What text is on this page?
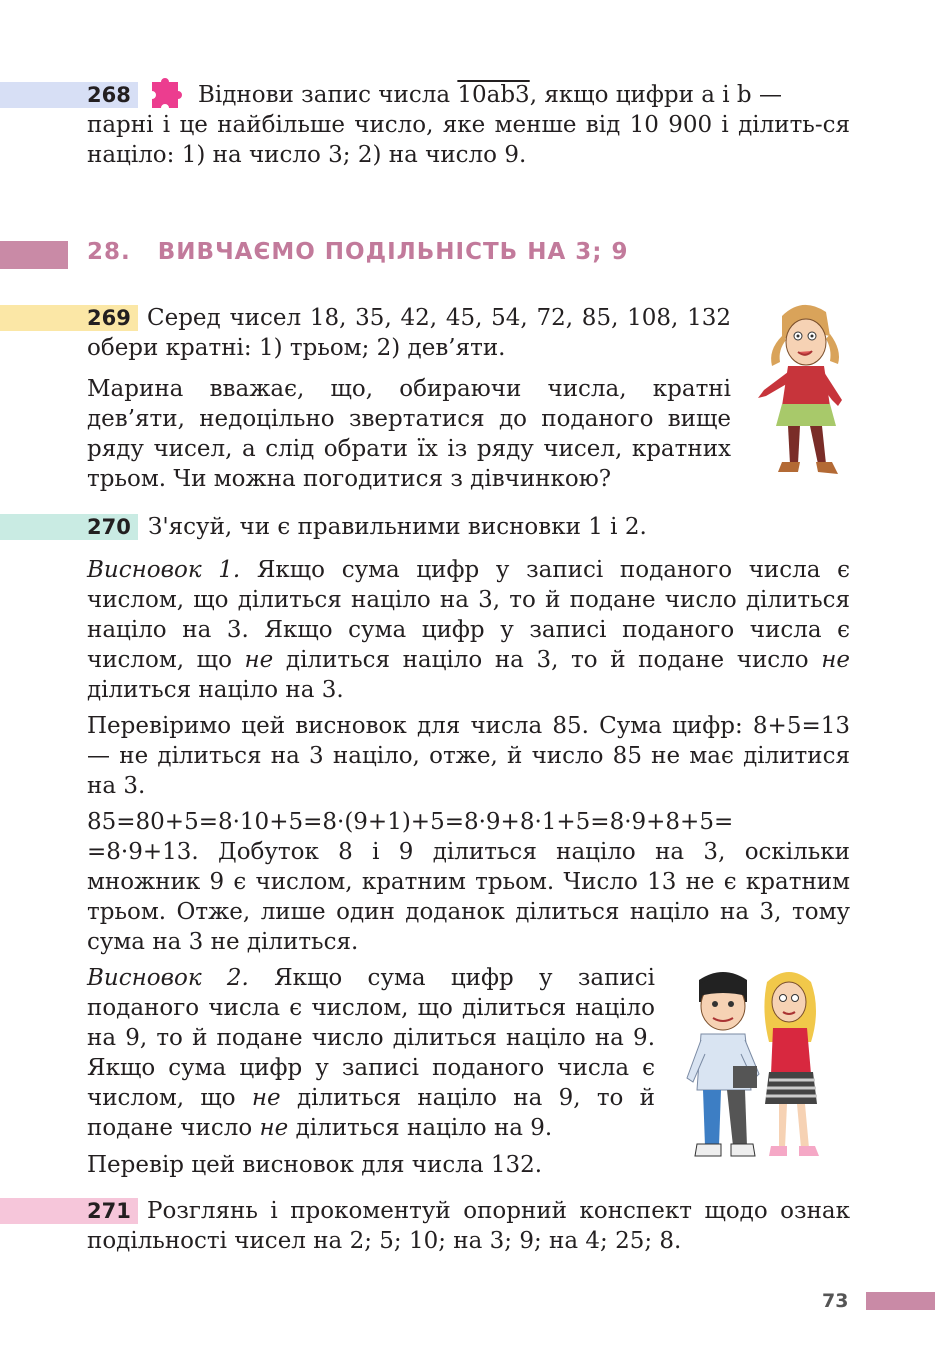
268	Віднови запис числа 10ab3, якщо цифри a і b —

парні і це найбільше число, яке менше від 10 900 і ділить-ся націло: 1) на число 3; 2) на число 9.

28. ВИВЧАЄМО ПОДІЛЬНІСТЬ НА 3; 9
269 Серед чисел 18, 35, 42, 45, 54, 72, 85, 108, 132 обери кратні: 1) трьом; 2) дев’яти.

Марина вважає, що, обираючи числа, кратні дев’яти, недоцільно звертатися до поданого вище ряду чисел, а слід обрати їх із ряду чисел, кратних трьом. Чи можна погодитися з дівчинкою?

270 З'ясуй, чи є правильними висновки 1 і 2.

Висновок 1. Якщо сума цифр у записі поданого числа є числом, що ділиться націло на 3, то й подане число ділиться націло на 3. Якщо сума цифр у записі поданого числа є числом, що не ділиться націло на 3, то й подане число не ділиться націло на 3.

Перевіримо цей висновок для числа 85. Сума цифр: 8+5=13 — не ділиться на 3 націло, отже, й число 85 не має ділитися на 3.

85=80+5=8·10+5=8·(9+1)+5=8·9+8·1+5=8·9+8+5=

=8·9+13. Добуток 8 і 9 ділиться націло на 3, оскільки множник 9 є числом, кратним трьом. Число 13 не є кратним трьом. Отже, лише один доданок ділиться націло на 3, тому сума на 3 не ділиться.

Висновок 2. Якщо сума цифр у записі поданого числа є числом, що ділиться націло на 9, то й подане число ділиться націло на 9. Якщо сума цифр у записі поданого числа є числом, що не ділиться націло на 9, то й подане число не ділиться націло на 9.

Перевір цей висновок для числа 132.

271 Розглянь і прокоментуй опорний конспект щодо ознак подільності чисел на 2; 5; 10; на 3; 9; на 4; 25; 8.

73
